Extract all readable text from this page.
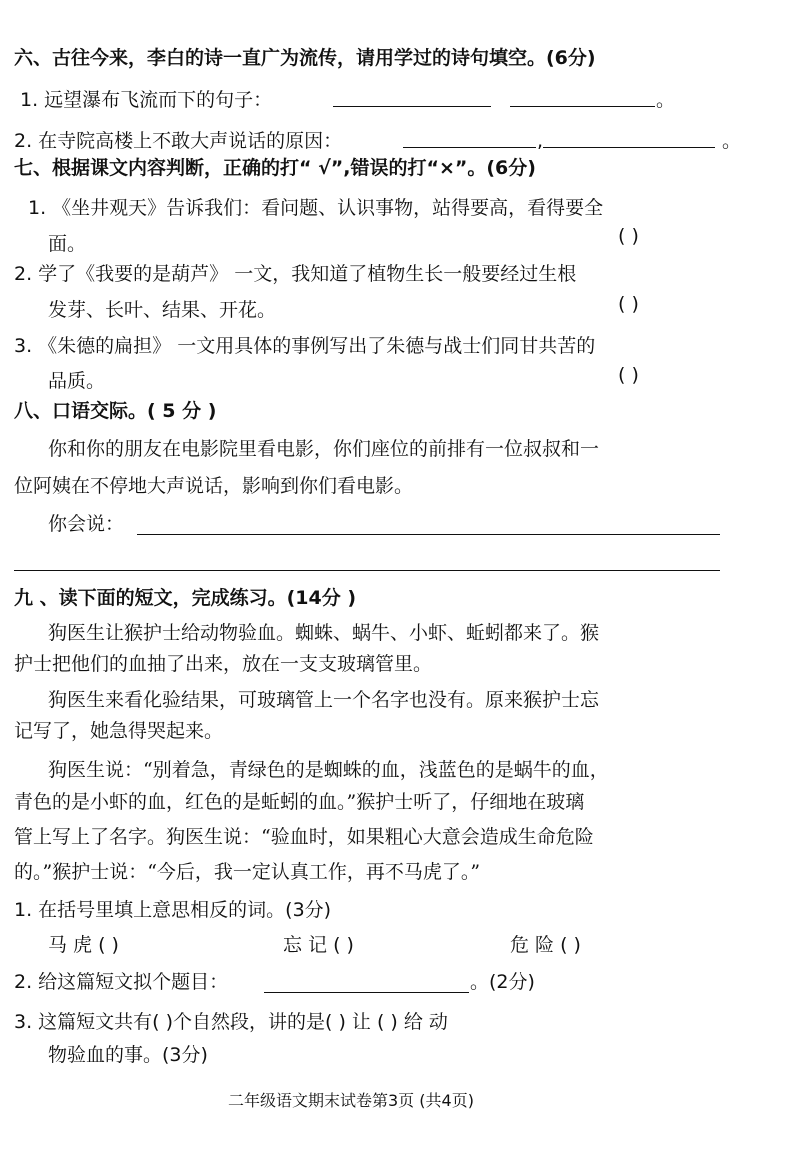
六、古往今来，李白的诗一直广为流传，请用学过的诗句填空。(6分)
1. 远望瀑布飞流而下的句子：	。
2. 在寺院高楼上不敢大声说话的原因：	,	。
七、根据课文内容判断，正确的打“ √”,错误的打“×”。(6分)
1. 《坐井观天》告诉我们：看问题、认识事物，站得要高，看得要全
面。	( )
2. 学了《我要的是葫芦》 一文，我知道了植物生长一般要经过生根
发芽、长叶、结果、开花。	( )
3. 《朱德的扁担》 一文用具体的事例写出了朱德与战士们同甘共苦的
品质。	( )
八、口语交际。( 5 分 )
你和你的朋友在电影院里看电影，你们座位的前排有一位叔叔和一
位阿姨在不停地大声说话，影响到你们看电影。
你会说：
九 、读下面的短文，完成练习。(14分 )
狗医生让猴护士给动物验血。蜘蛛、蜗牛、小虾、蚯蚓都来了。猴
护士把他们的血抽了出来，放在一支支玻璃管里。
狗医生来看化验结果，可玻璃管上一个名字也没有。原来猴护士忘
记写了，她急得哭起来。
狗医生说：“别着急，青绿色的是蜘蛛的血，浅蓝色的是蜗牛的血，
青色的是小虾的血，红色的是蚯蚓的血。”猴护士听了，仔细地在玻璃
管上写上了名字。狗医生说：“验血时，如果粗心大意会造成生命危险
的。”猴护士说：“今后，我一定认真工作，再不马虎了。”
1. 在括号里填上意思相反的词。(3分)
马 虎 ( )	忘 记 ( )	危 险 ( )
2. 给这篇短文拟个题目：	。(2分)
3. 这篇短文共有( )个自然段，讲的是( ) 让 ( ) 给 动
物验血的事。(3分)
二年级语文期末试卷第3页 (共4页)
